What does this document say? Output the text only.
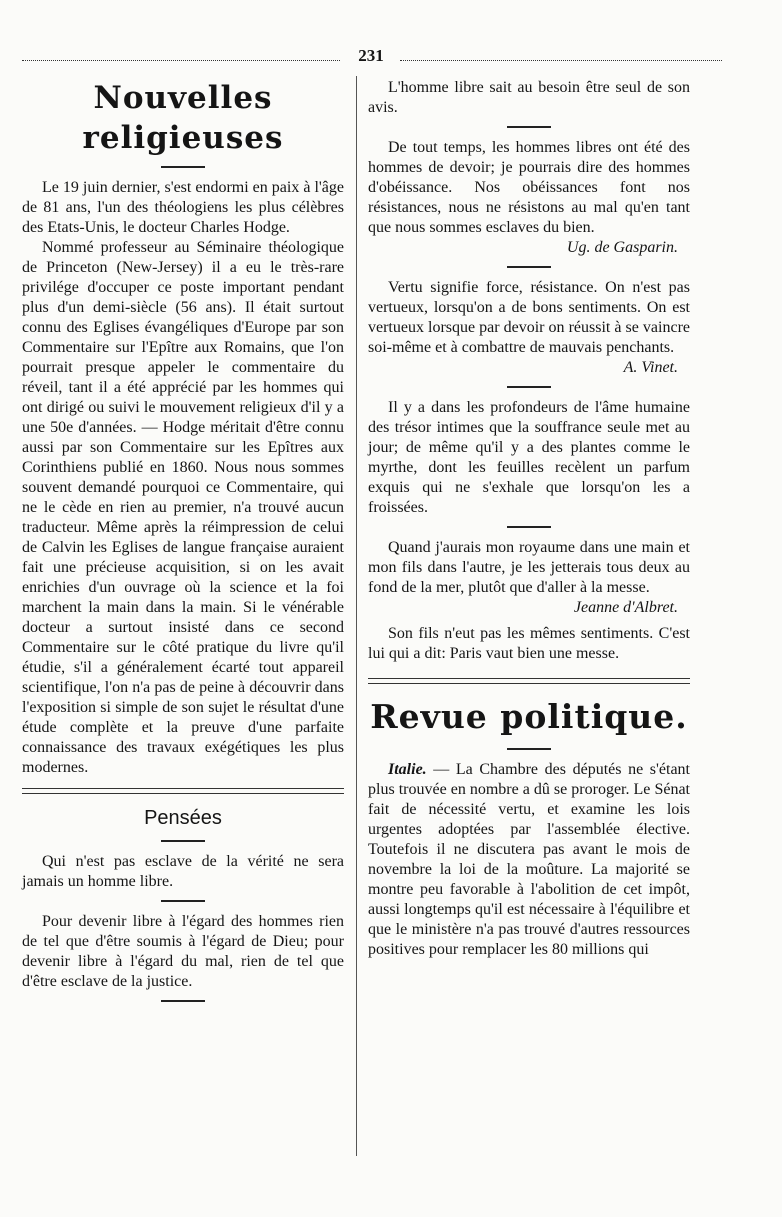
231
Nouvelles religieuses

Le 19 juin dernier, s'est endormi en paix à l'âge de 81 ans, l'un des théologiens les plus célèbres des Etats-Unis, le docteur Charles Hodge.

Nommé professeur au Séminaire théologique de Princeton (New-Jersey) il a eu le très-rare privilége d'occuper ce poste important pendant plus d'un demi-siècle (56 ans). Il était surtout connu des Eglises évangéliques d'Europe par son Commentaire sur l'Epître aux Romains, que l'on pourrait presque appeler le commentaire du réveil, tant il a été apprécié par les hommes qui ont dirigé ou suivi le mouvement religieux d'il y a une 50e d'années. — Hodge méritait d'être connu aussi par son Commentaire sur les Epîtres aux Corinthiens publié en 1860. Nous nous sommes souvent demandé pourquoi ce Commentaire, qui ne le cède en rien au premier, n'a trouvé aucun traducteur. Même après la réimpression de celui de Calvin les Eglises de langue française auraient fait une précieuse acquisition, si on les avait enrichies d'un ouvrage où la science et la foi marchent la main dans la main. Si le vénérable docteur a surtout insisté dans ce second Commentaire sur le côté pratique du livre qu'il étudie, s'il a généralement écarté tout appareil scientifique, l'on n'a pas de peine à découvrir dans l'exposition si simple de son sujet le résultat d'une étude complète et la preuve d'une parfaite connaissance des travaux exégétiques les plus modernes.

Pensées

Qui n'est pas esclave de la vérité ne sera jamais un homme libre.

Pour devenir libre à l'égard des hommes rien de tel que d'être soumis à l'égard de Dieu; pour devenir libre à l'égard du mal, rien de tel que d'être esclave de la justice.

L'homme libre sait au besoin être seul de son avis.

De tout temps, les hommes libres ont été des hommes de devoir; je pourrais dire des hommes d'obéissance. Nos obéissances font nos résistances, nous ne résistons au mal qu'en tant que nous sommes esclaves du bien.

Ug. de Gasparin.

Vertu signifie force, résistance. On n'est pas vertueux, lorsqu'on a de bons sentiments. On est vertueux lorsque par devoir on réussit à se vaincre soi-même et à combattre de mauvais penchants.

A. Vinet.

Il y a dans les profondeurs de l'âme humaine des trésor intimes que la souffrance seule met au jour; de même qu'il y a des plantes comme le myrthe, dont les feuilles recèlent un parfum exquis qui ne s'exhale que lorsqu'on les a froissées.

Quand j'aurais mon royaume dans une main et mon fils dans l'autre, je les jetterais tous deux au fond de la mer, plutôt que d'aller à la messe.

Jeanne d'Albret.

Son fils n'eut pas les mêmes sentiments. C'est lui qui a dit: Paris vaut bien une messe.

Revue politique.

Italie. — La Chambre des députés ne s'étant plus trouvée en nombre a dû se proroger. Le Sénat fait de nécessité vertu, et examine les lois urgentes adoptées par l'assemblée élective. Toutefois il ne discutera pas avant le mois de novembre la loi de la moûture. La majorité se montre peu favorable à l'abolition de cet impôt, aussi longtemps qu'il est nécessaire à l'équilibre et que le ministère n'a pas trouvé d'autres ressources positives pour remplacer les 80 millions qui
